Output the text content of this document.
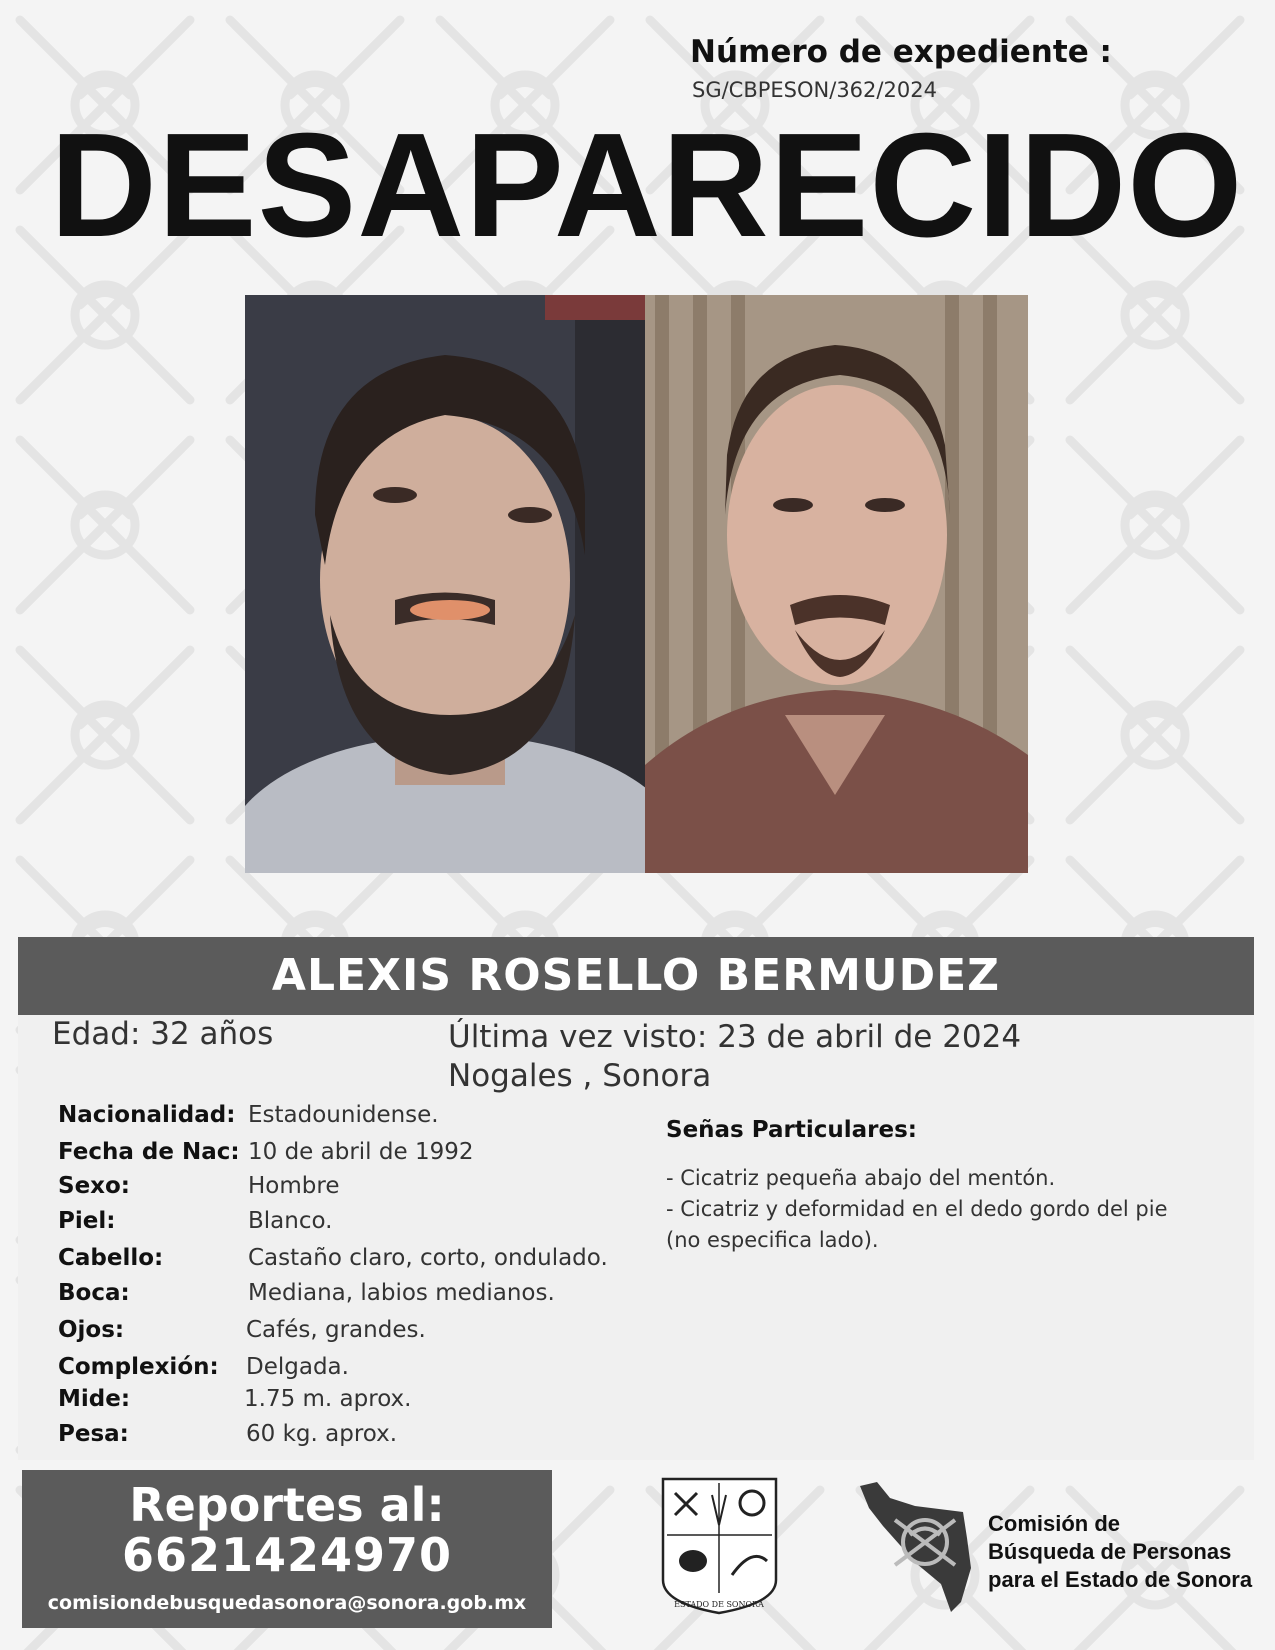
Número de expediente :
SG/CBPESON/362/2024
DESAPARECIDO
ALEXIS ROSELLO BERMUDEZ
Edad: 32 años	Última vez visto: 23 de abril de 2024
Nogales , Sonora
Nacionalidad: Estadounidense.
Fecha de Nac: 10 de abril de 1992
Sexo:	Hombre
Piel:	Blanco.
Cabello:	Castaño claro, corto, ondulado.
Boca:	Mediana, labios medianos.
Ojos:	Cafés, grandes.
Complexión: Delgada.
Mide:	1.75 m. aprox.
Pesa:	60 kg. aprox.
Señas Particulares:
- Cicatriz pequeña abajo del mentón.
- Cicatriz y deformidad en el dedo gordo del pie
(no especifica lado).
Reportes al:
6621424970
comisiondebusquedasonora@sonora.gob.mx	ESTADO DE SONORA
Comisión de
Búsqueda de Personas
para el Estado de Sonora
